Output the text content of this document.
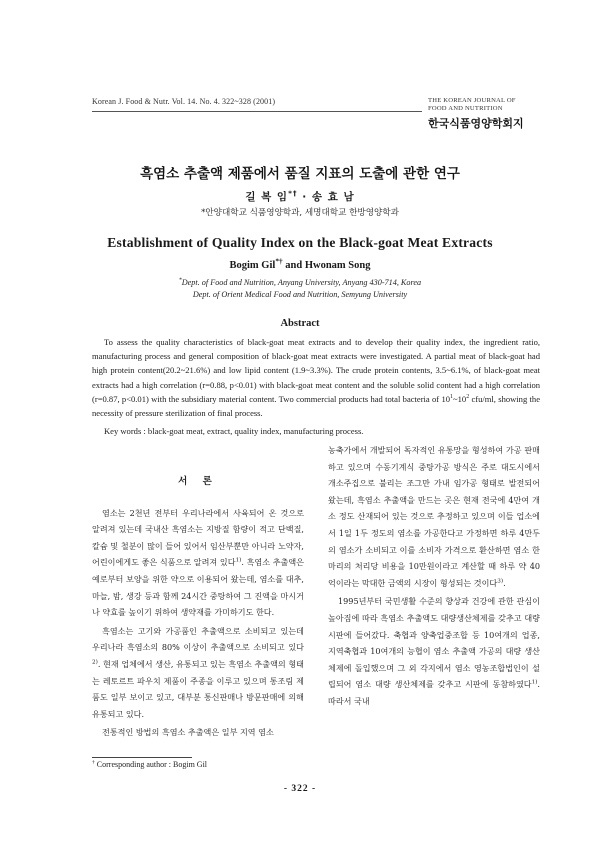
Korean J. Food & Nutr. Vol. 14. No. 4. 322~328 (2001)	THE KOREAN JOURNAL OF
FOOD AND NUTRITION
한국식품영양학회지
흑염소 추출액 제품에서 품질 지표의 도출에 관한 연구
길 복 임*† · 송 효 남
*안양대학교 식품영양학과, 세명대학교 한방영양학과
Establishment of Quality Index on the Black-goat Meat Extracts
Bogim Gil*† and Hwonam Song
*Dept. of Food and Nutrition, Anyang University, Anyang 430-714, Korea
Dept. of Orient Medical Food and Nutrition, Semyung University
Abstract
To assess the quality characteristics of black-goat meat extracts and to develop their quality index, the ingredient ratio, manufacturing process and general composition of black-goat meat extracts were investigated. A partial meat of black-goat had high protein content(20.2~21.6%) and low lipid content (1.9~3.3%). The crude protein contents, 3.5~6.1%, of black-goat meat extracts had a high correlation (r=0.88, p<0.01) with black-goat meat content and the soluble solid content had a high correlation (r=0.87, p<0.01) with the subsidiary material content. Two commercial products had total bacteria of $10^1\sim 10^2$ cfu/ml, showing the necessity of pressure sterilization of final process.
Key words : black-goat meat, extract, quality index, manufacturing process.
서 론

염소는 2천년 전부터 우리나라에서 사육되어 온 것으로 알려져 있는데 국내산 흑염소는 지방질 함량이 적고 단백질, 칼슘 및 철분이 많이 들어 있어서 임산부뿐만 아니라 노약자, 어린이에게도 좋은 식품으로 알려져 있다$^{1)}$. 흑염소 추출액은 예로부터 보양을 위한 약으로 이용되어 왔는데, 염소를 대추, 마늘, 밤, 생강 등과 함께 24시간 중탕하여 그 진액을 마시거나 약효를 높이기 위하여 생약재를 가미하기도 한다.

흑염소는 고기와 가공품인 추출액으로 소비되고 있는데 우리나라 흑염소의 80% 이상이 추출액으로 소비되고 있다$^{2)}$. 현재 업체에서 생산, 유통되고 있는 흑염소 추출액의 형태는 레토르트 파우치 제품이 주종을 이루고 있으며 통조림 제품도 일부 보이고 있고, 대부분 통신판매나 방문판매에 의해 유통되고 있다.

전통적인 방법의 흑염소 추출액은 일부 지역 염소

농축가에서 개발되어 독자적인 유통망을 형성하여 가공 판매하고 있으며 수동기계식 중탕가공 방식은 주로 대도시에서 개소주집으로 불리는 조그만 가내 임가공 형태로 발전되어 왔는데, 흑염소 추출액을 만드는 곳은 현재 전국에 4만여 개소 정도 산재되어 있는 것으로 추정하고 있으며 이들 업소에서 1일 1두 정도의 염소를 가공한다고 가정하면 하루 4만두의 염소가 소비되고 이를 소비자 가격으로 환산하면 염소 한 마리의 처리당 비용을 10만원이라고 계산할 때 하루 약 40억이라는 막대한 금액의 시장이 형성되는 것이다$^{3)}$.

1995년부터 국민생활 수준의 향상과 건강에 관한 관심이 높아짐에 따라 흑염소 추출액도 대량생산체제를 갖추고 대량시판에 들어갔다. 축협과 양축업중조합 등 10여개의 업종, 지역축협과 10여개의 능협이 염소 추출액 가공의 대량 생산체제에 돌입했으며 그 외 각지에서 염소 영농조합법인이 설립되어 염소 대량 생산체제를 갖추고 시판에 동참하였다$^{1)}$. 따라서 국내

† Corresponding author : Bogim Gil
- 322 -
